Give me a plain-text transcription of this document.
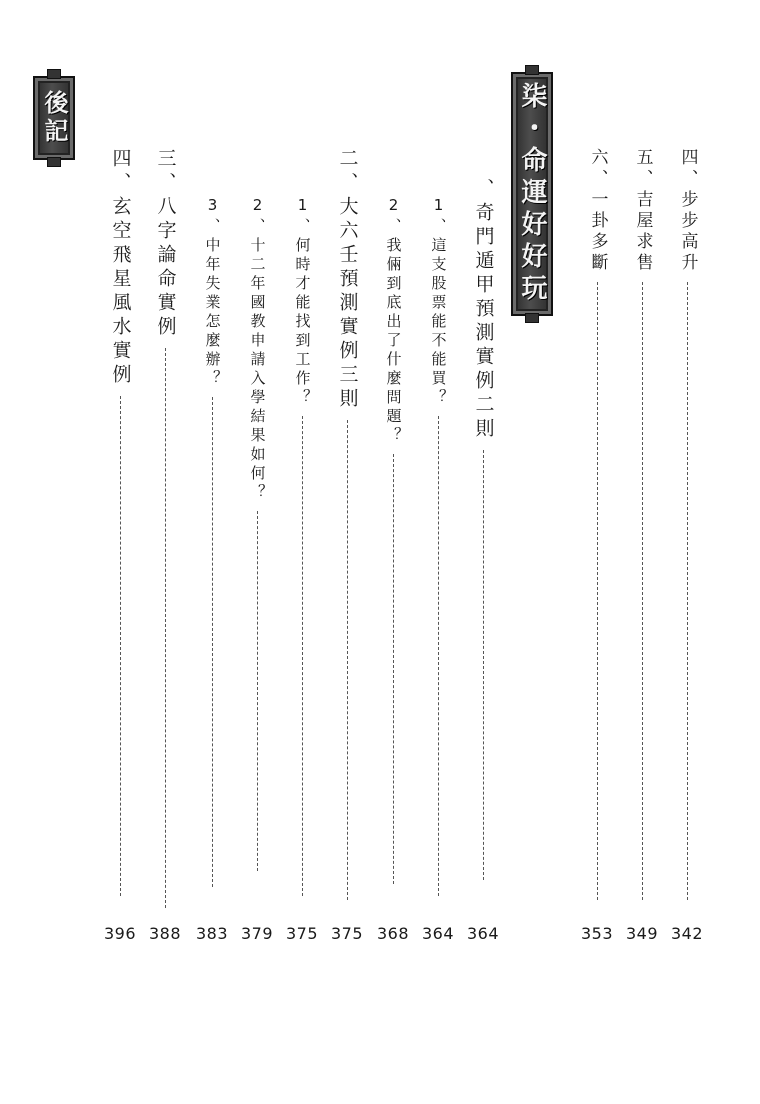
柒・命運好好玩
後記
四、步步高升
五、吉屋求售
六、一卦多斷
、奇門遁甲預測實例二則
1、這支股票能不能買？
2、我倆到底出了什麼問題？
二、大六壬預測實例三則
1、何時才能找到工作？
2、十二年國教申請入學結果如何？
3、中年失業怎麼辦？
三、八字論命實例
四、玄空飛星風水實例
342
349
353
364
364
368
375
375
379
383
388
396
